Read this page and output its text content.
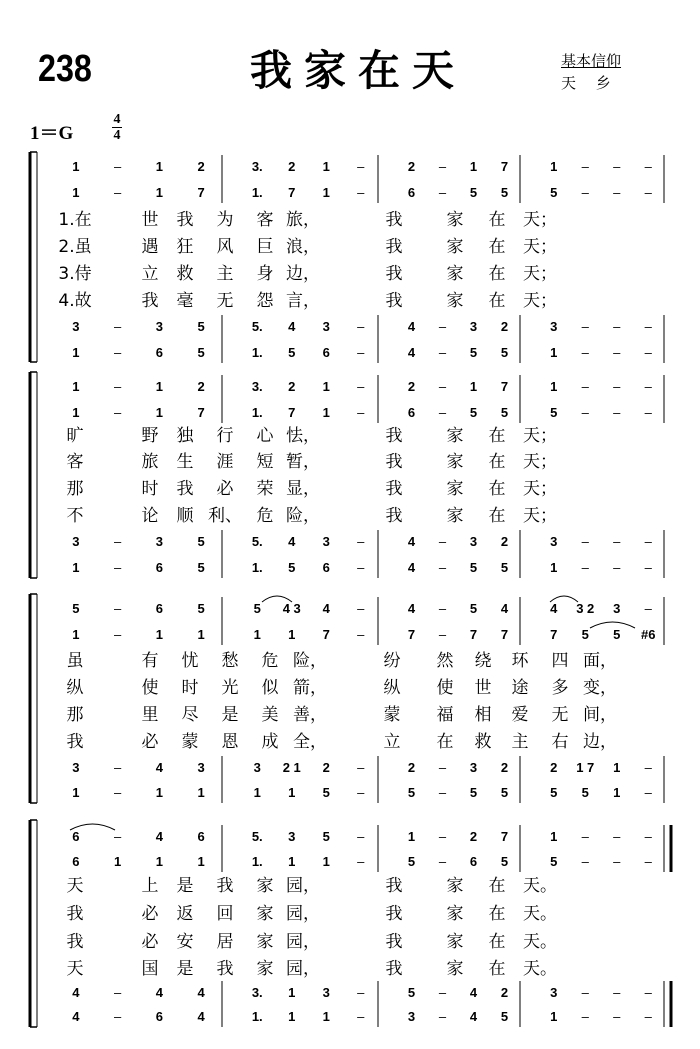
238	我家在天	基本信仰
天　 乡
1＝G
4
4
1	–	1	2	3. 2 1 –	2 – 1 7	1 – – –
1	–	1	7	1. 7 1 –	6 – 5 5	5 – – –
3	–	3	5	5. 4 3 –	4 – 3 2	3 – – –
1	–	6	5	1. 5 6 –	4 – 5 5	1 – – –
1.在	世 我 为 客 旅，	我	家 在 天；
2.虽	遇 狂 风 巨 浪，	我	家 在 天；
3.侍	立 救 主 身 边，	我	家 在 天；
4.故	我 毫 无 怨 言，	我	家 在 天；
1	–	1	2	3. 2 1 –	2 – 1 7	1 – – –
1	–	1	7	1. 7 1 –	6 – 5 5	5 – – –
3	–	3	5	5. 4 3 –	4 – 3 2	3 – – –
1	–	6	5	1. 5 6 –	4 – 5 5	1 – – –
旷	野 独 行 心 怯，	我	家 在 天；
客	旅 生 涯 短 暂，	我	家 在 天；
那	时 我 必 荣 显，	我	家 在 天；
不	论 顺 利、 危 险，	我	家 在 天；
5	–	6	5	5 4 3 4 –	4 – 5 4	4 3 2 3 –
1	–	1	1	1 1 7 –	7 – 7 7	7 5 5 #6
3	–	4	3	3 2 1 2 –	2 – 3 2	2 1 7 1 –
1	–	1	1	1 1 5 –	5 – 5 5	5 5 1 –
虽	有 忧 愁 危 险，	纷 然 绕 环 四 面，
纵	使 时 光 似 箭，	纵 使 世 途 多 变，
那	里 尽 是 美 善，	蒙 福 相 爱 无 间，
我	必 蒙 恩 成 全，	立 在 救 主 右 边，
6	–	4	6	5. 3 5 –	1 – 2 7	1 – – –
6	1	1	1	1. 1 1 –	5 – 6 5	5 – – –
4	–	4	4	3. 1 3 –	5 – 4 2	3 – – –
4	–	6	4	1. 1 1 –	3 – 4 5	1 – – –
天	上 是 我 家 园，	我	家 在 天。
我	必 返 回 家 园，	我	家 在 天。
我	必 安 居 家 园，	我	家 在 天。
天	国 是 我 家 园，	我	家 在 天。
